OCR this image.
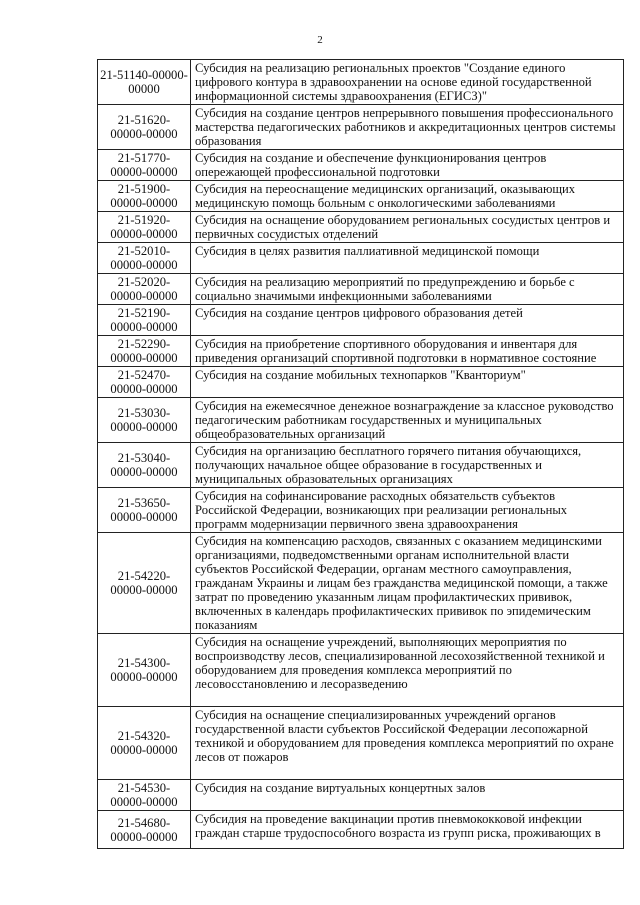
2
21-51140-00000-00000	Субсидия на реализацию региональных проектов "Создание единого цифрового контура в здравоохранении на основе единой государственной информационной системы здравоохранения (ЕГИСЗ)"
21-51620-00000-00000	Субсидия на создание центров непрерывного повышения профессионального мастерства педагогических работников и аккредитационных центров системы образования
21-51770-00000-00000	Субсидия на создание и обеспечение функционирования центров опережающей профессиональной подготовки
21-51900-00000-00000	Субсидия на переоснащение медицинских организаций, оказывающих медицинскую помощь больным с онкологическими заболеваниями
21-51920-00000-00000	Субсидия на оснащение оборудованием региональных сосудистых центров и первичных сосудистых отделений
21-52010-00000-00000	Субсидия в целях развития паллиативной медицинской помощи
21-52020-00000-00000	Субсидия на реализацию мероприятий по предупреждению и борьбе с социально значимыми инфекционными заболеваниями
21-52190-00000-00000	Субсидия на создание центров цифрового образования детей
21-52290-00000-00000	Субсидия на приобретение спортивного оборудования и инвентаря для приведения организаций спортивной подготовки в нормативное состояние
21-52470-00000-00000	Субсидия на создание мобильных технопарков "Кванториум"
21-53030-00000-00000	Субсидия на ежемесячное денежное вознаграждение за классное руководство педагогическим работникам государственных и муниципальных общеобразовательных организаций
21-53040-00000-00000	Субсидия на организацию бесплатного горячего питания обучающихся, получающих начальное общее образование в государственных и муниципальных образовательных организациях
21-53650-00000-00000	Субсидия на софинансирование расходных обязательств субъектов Российской Федерации, возникающих при реализации региональных программ модернизации первичного звена здравоохранения
21-54220-00000-00000	Субсидия на компенсацию расходов, связанных с оказанием медицинскими организациями, подведомственными органам исполнительной власти субъектов Российской Федерации, органам местного самоуправления, гражданам Украины и лицам без гражданства медицинской помощи, а также затрат по проведению указанным лицам профилактических прививок, включенных в календарь профилактических прививок по эпидемическим показаниям
21-54300-00000-00000	Субсидия на оснащение учреждений, выполняющих мероприятия по воспроизводству лесов, специализированной лесохозяйственной техникой и оборудованием для проведения комплекса мероприятий по лесовосстановлению и лесоразведению
21-54320-00000-00000	Субсидия на оснащение специализированных учреждений органов государственной власти субъектов Российской Федерации лесопожарной техникой и оборудованием для проведения комплекса мероприятий по охране лесов от пожаров
21-54530-00000-00000	Субсидия на создание виртуальных концертных залов
21-54680-00000-00000	Субсидия на проведение вакцинации против пневмококковой инфекции граждан старше трудоспособного возраста из групп риска, проживающих в
